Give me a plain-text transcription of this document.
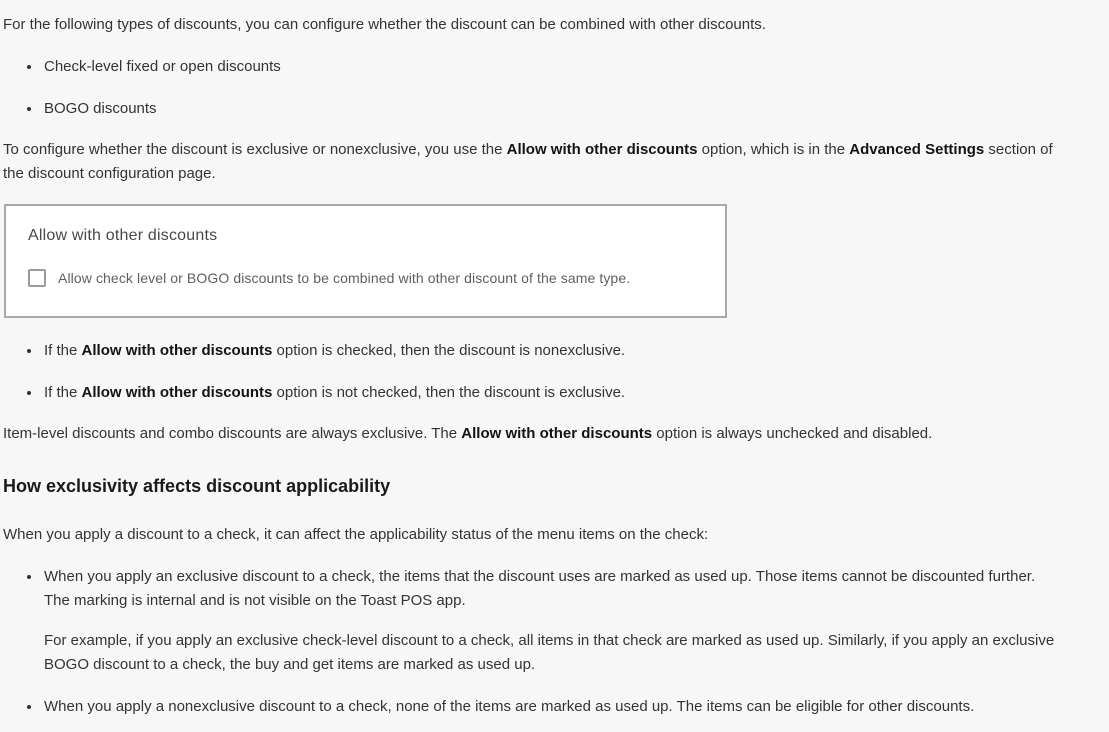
For the following types of discounts, you can configure whether the discount can be combined with other discounts.

• Check-level fixed or open discounts
• BOGO discounts

To configure whether the discount is exclusive or nonexclusive, you use the Allow with other discounts option, which is in the Advanced Settings section of the discount configuration page.

Allow with other discounts
Allow check level or BOGO discounts to be combined with other discount of the same type.
• If the Allow with other discounts option is checked, then the discount is nonexclusive.
• If the Allow with other discounts option is not checked, then the discount is exclusive.

Item-level discounts and combo discounts are always exclusive. The Allow with other discounts option is always unchecked and disabled.

How exclusivity affects discount applicability

When you apply a discount to a check, it can affect the applicability status of the menu items on the check:

• When you apply an exclusive discount to a check, the items that the discount uses are marked as used up. Those items cannot be discounted further. The marking is internal and is not visible on the Toast POS app.

For example, if you apply an exclusive check-level discount to a check, all items in that check are marked as used up. Similarly, if you apply an exclusive BOGO discount to a check, the buy and get items are marked as used up.

• When you apply a nonexclusive discount to a check, none of the items are marked as used up. The items can be eligible for other discounts.
